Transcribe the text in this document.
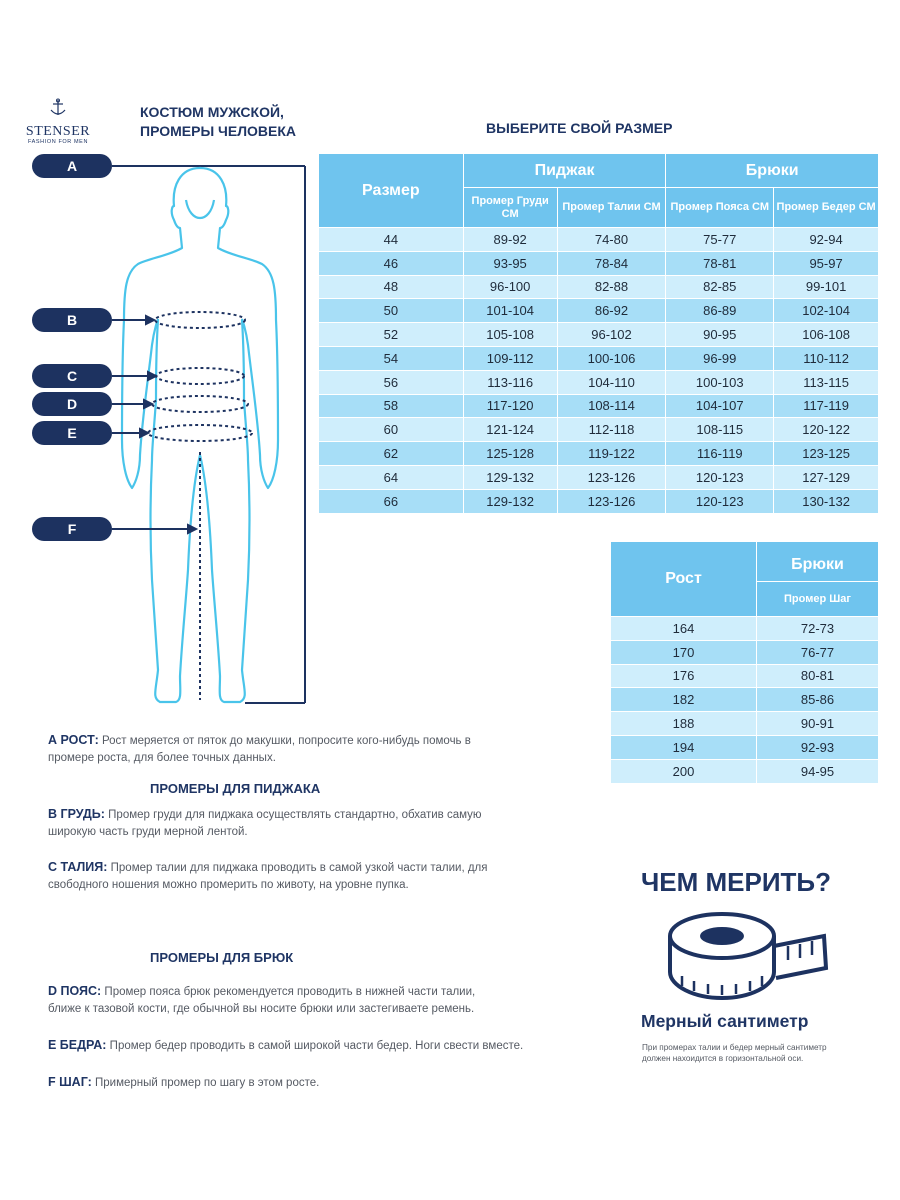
STENSER
FASHION FOR MEN
КОСТЮМ МУЖСКОЙ,
ПРОМЕРЫ ЧЕЛОВЕКА	ВЫБЕРИТЕ СВОЙ РАЗМЕР
A
B
C
D
E
F
Размер	Пиджак		Брюки	
	Промер Груди СМ	Промер Талии СМ	Промер Пояса СМ	Промер Бедер СМ
44	89-92	74-80	75-77	92-94
46	93-95	78-84	78-81	95-97
48	96-100	82-88	82-85	99-101
50	101-104	86-92	86-89	102-104
52	105-108	96-102	90-95	106-108
54	109-112	100-106	96-99	110-112
56	113-116	104-110	100-103	113-115
58	117-120	108-114	104-107	117-119
60	121-124	112-118	108-115	120-122
62	125-128	119-122	116-119	123-125
64	129-132	123-126	120-123	127-129
66	129-132	123-126	120-123	130-132
Рост	Брюки
	Промер Шаг
164	72-73
170	76-77
176	80-81
182	85-86
188	90-91
194	92-93
200	94-95
А РОСТ: Рост меряется от пяток до макушки, попросите кого-нибудь помочь в промере роста, для более точных данных.
ПРОМЕРЫ ДЛЯ ПИДЖАКА
В ГРУДЬ: Промер груди для пиджака осуществлять стандартно, обхатив самую широкую часть груди мерной лентой.
С ТАЛИЯ: Промер талии для пиджака проводить в самой узкой части талии, для свободного ношения можно промерить по животу, на уровне пупка.
ПРОМЕРЫ ДЛЯ БРЮК
D ПОЯС: Промер пояса брюк рекомендуется проводить в нижней части талии, ближе к тазовой кости, где обычной вы носите брюки или застегиваете ремень.
Е БЕДРА: Промер бедер проводить в самой широкой части бедер. Ноги свести вместе.
F ШАГ: Примерный промер по шагу в этом росте.
ЧЕМ МЕРИТЬ?
Мерный сантиметр
При промерах талии и бедер мерный сантиметр должен нахоидится в горизонтальной оси.
